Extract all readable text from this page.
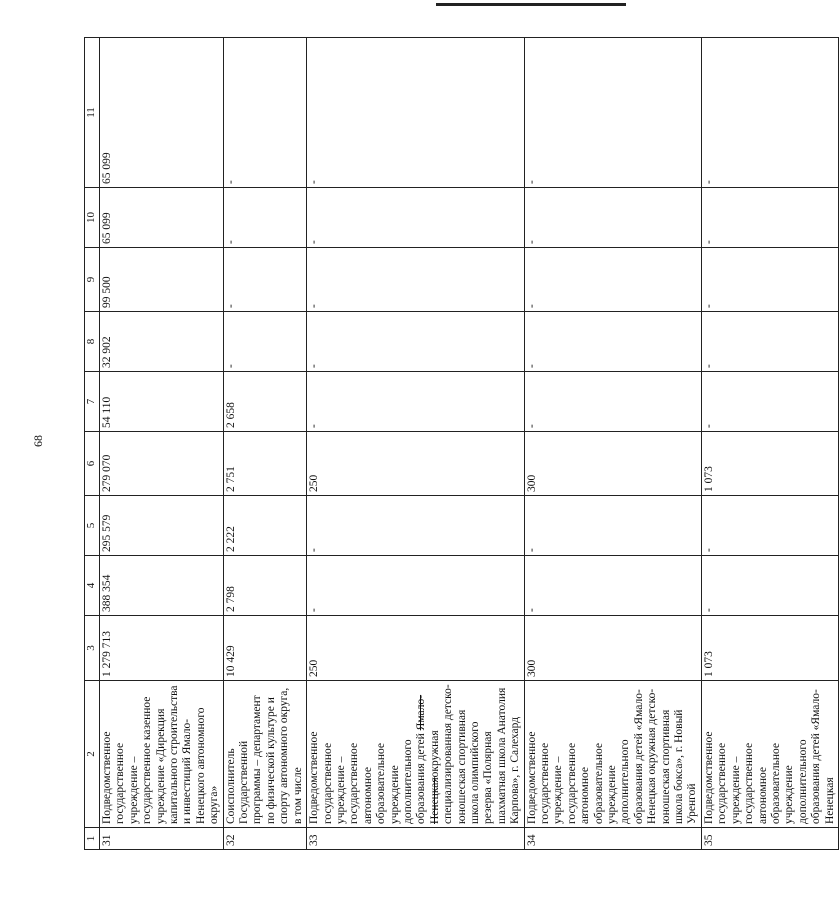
68
1	2	3	4	5	6	7	8	9	10	11
31	Подведомственное государственное учреждение – государственное казенное учреждение «Дирекция капитального строительства и инвестиций Ямало-Ненецкого автономного округа»	1 279 713	388 354	295 579	279 070	54 110	32 902	99 500	65 099	65 099
32	Соисполнитель Государственной программы – департамент по физической культуре и спорту автономного округа, в том числе	10 429	2 798	2 222	2 751	2 658	-	-	-	-
33	Подведомственное государственное учреждение – государственное автономное образовательное учреждение дополнительного образования детей Ямало-Ненецкаяокружная специализированная детско-юношеская спортивная школа олимпийского резерва «Полярная шахматная школа Анатолия Карпова», г. Салехард	250	-	-	250	-	-	-	-	-
34	Подведомственное государственное учреждение – государственное автономное образовательное учреждение дополнительного образования детей «Ямало-Ненецкая окружная детско-юношеская спортивная школа бокса», г. Новый Уренгой	300	-	-	300	-	-	-	-	-
35	Подведомственное государственное учреждение – государственное автономное образовательное учреждение дополнительного образования детей «Ямало-Ненецкая	1 073	-	-	1 073	-	-	-	-	-
